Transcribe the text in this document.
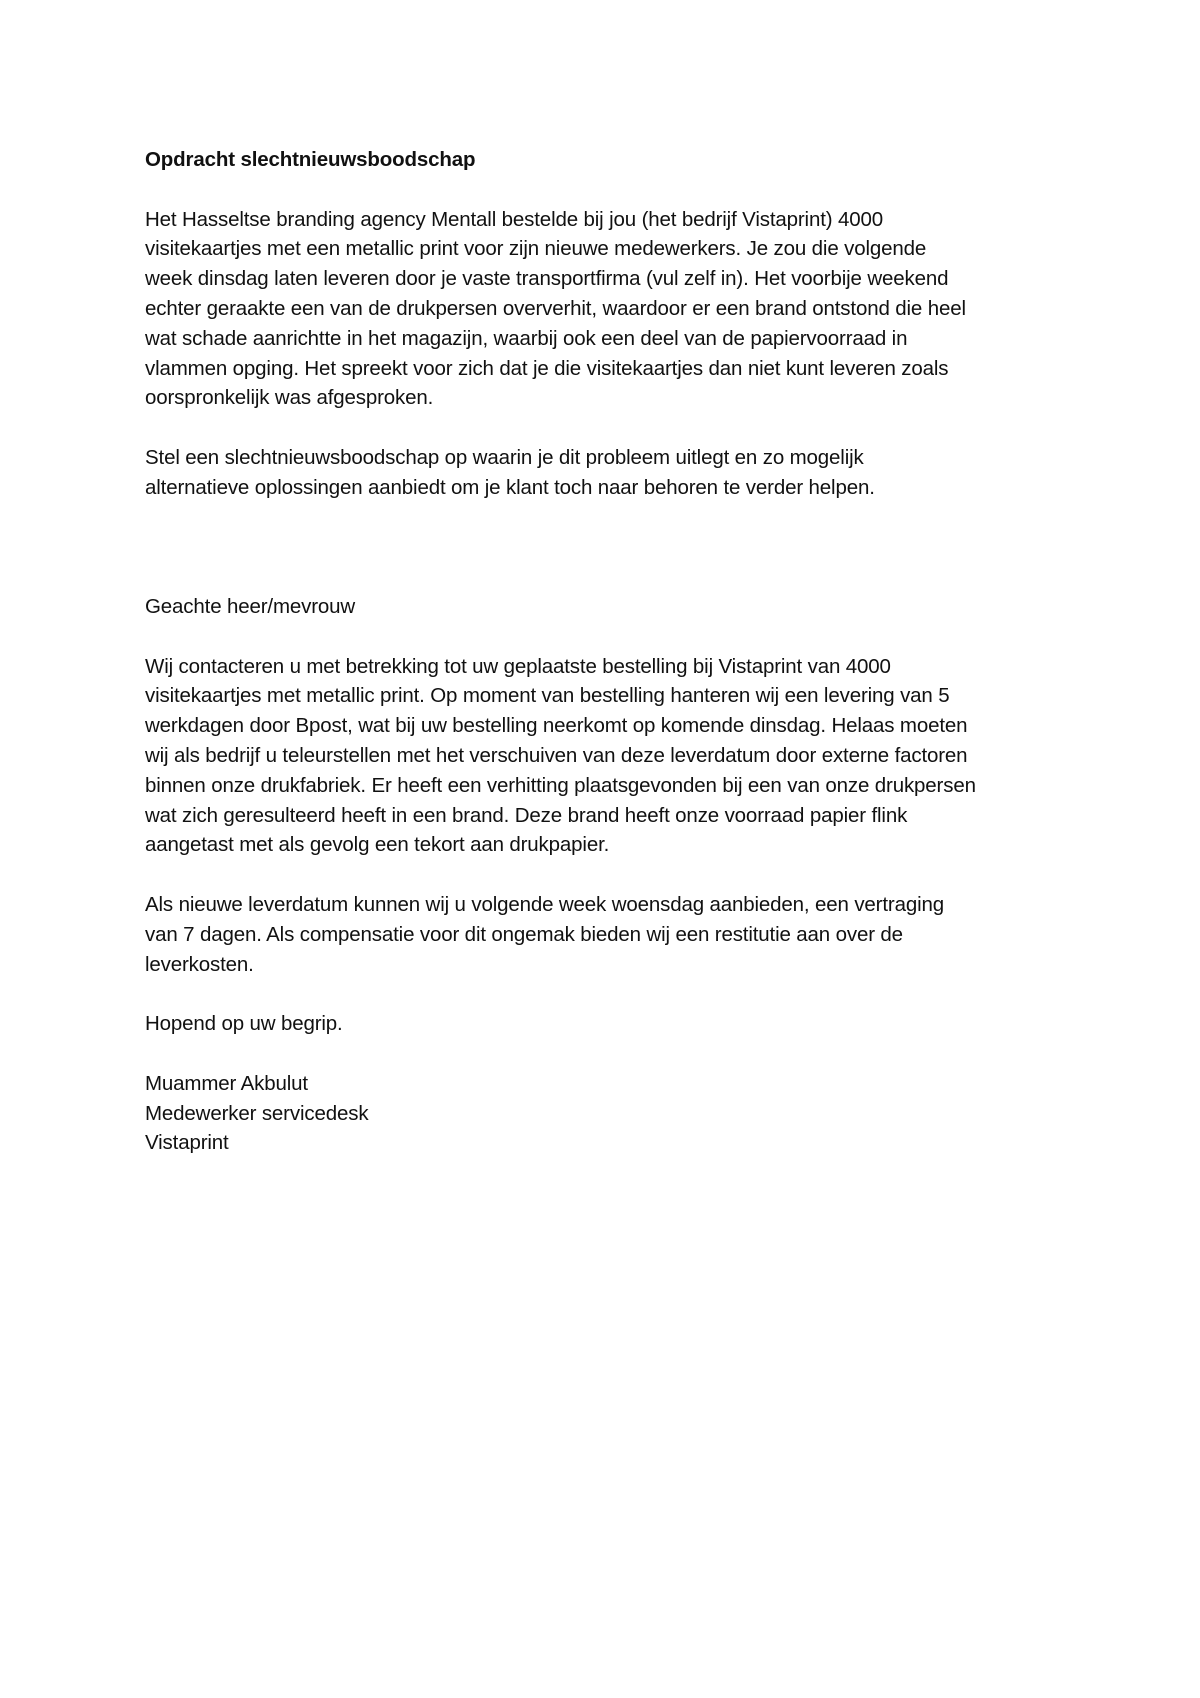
Opdracht slechtnieuwsboodschap

Het Hasseltse branding agency Mentall bestelde bij jou (het bedrijf Vistaprint) 4000
visitekaartjes met een metallic print voor zijn nieuwe medewerkers. Je zou die volgende
week dinsdag laten leveren door je vaste transportfirma (vul zelf in). Het voorbije weekend
echter geraakte een van de drukpersen oververhit, waardoor er een brand ontstond die heel
wat schade aanrichtte in het magazijn, waarbij ook een deel van de papiervoorraad in
vlammen opging. Het spreekt voor zich dat je die visitekaartjes dan niet kunt leveren zoals
oorspronkelijk was afgesproken.

Stel een slechtnieuwsboodschap op waarin je dit probleem uitlegt en zo mogelijk
alternatieve oplossingen aanbiedt om je klant toch naar behoren te verder helpen.

Geachte heer/mevrouw

Wij contacteren u met betrekking tot uw geplaatste bestelling bij Vistaprint van 4000
visitekaartjes met metallic print. Op moment van bestelling hanteren wij een levering van 5
werkdagen door Bpost, wat bij uw bestelling neerkomt op komende dinsdag. Helaas moeten
wij als bedrijf u teleurstellen met het verschuiven van deze leverdatum door externe factoren
binnen onze drukfabriek. Er heeft een verhitting plaatsgevonden bij een van onze drukpersen
wat zich geresulteerd heeft in een brand. Deze brand heeft onze voorraad papier flink
aangetast met als gevolg een tekort aan drukpapier.

Als nieuwe leverdatum kunnen wij u volgende week woensdag aanbieden, een vertraging
van 7 dagen. Als compensatie voor dit ongemak bieden wij een restitutie aan over de
leverkosten.

Hopend op uw begrip.

Muammer Akbulut
Medewerker servicedesk
Vistaprint
